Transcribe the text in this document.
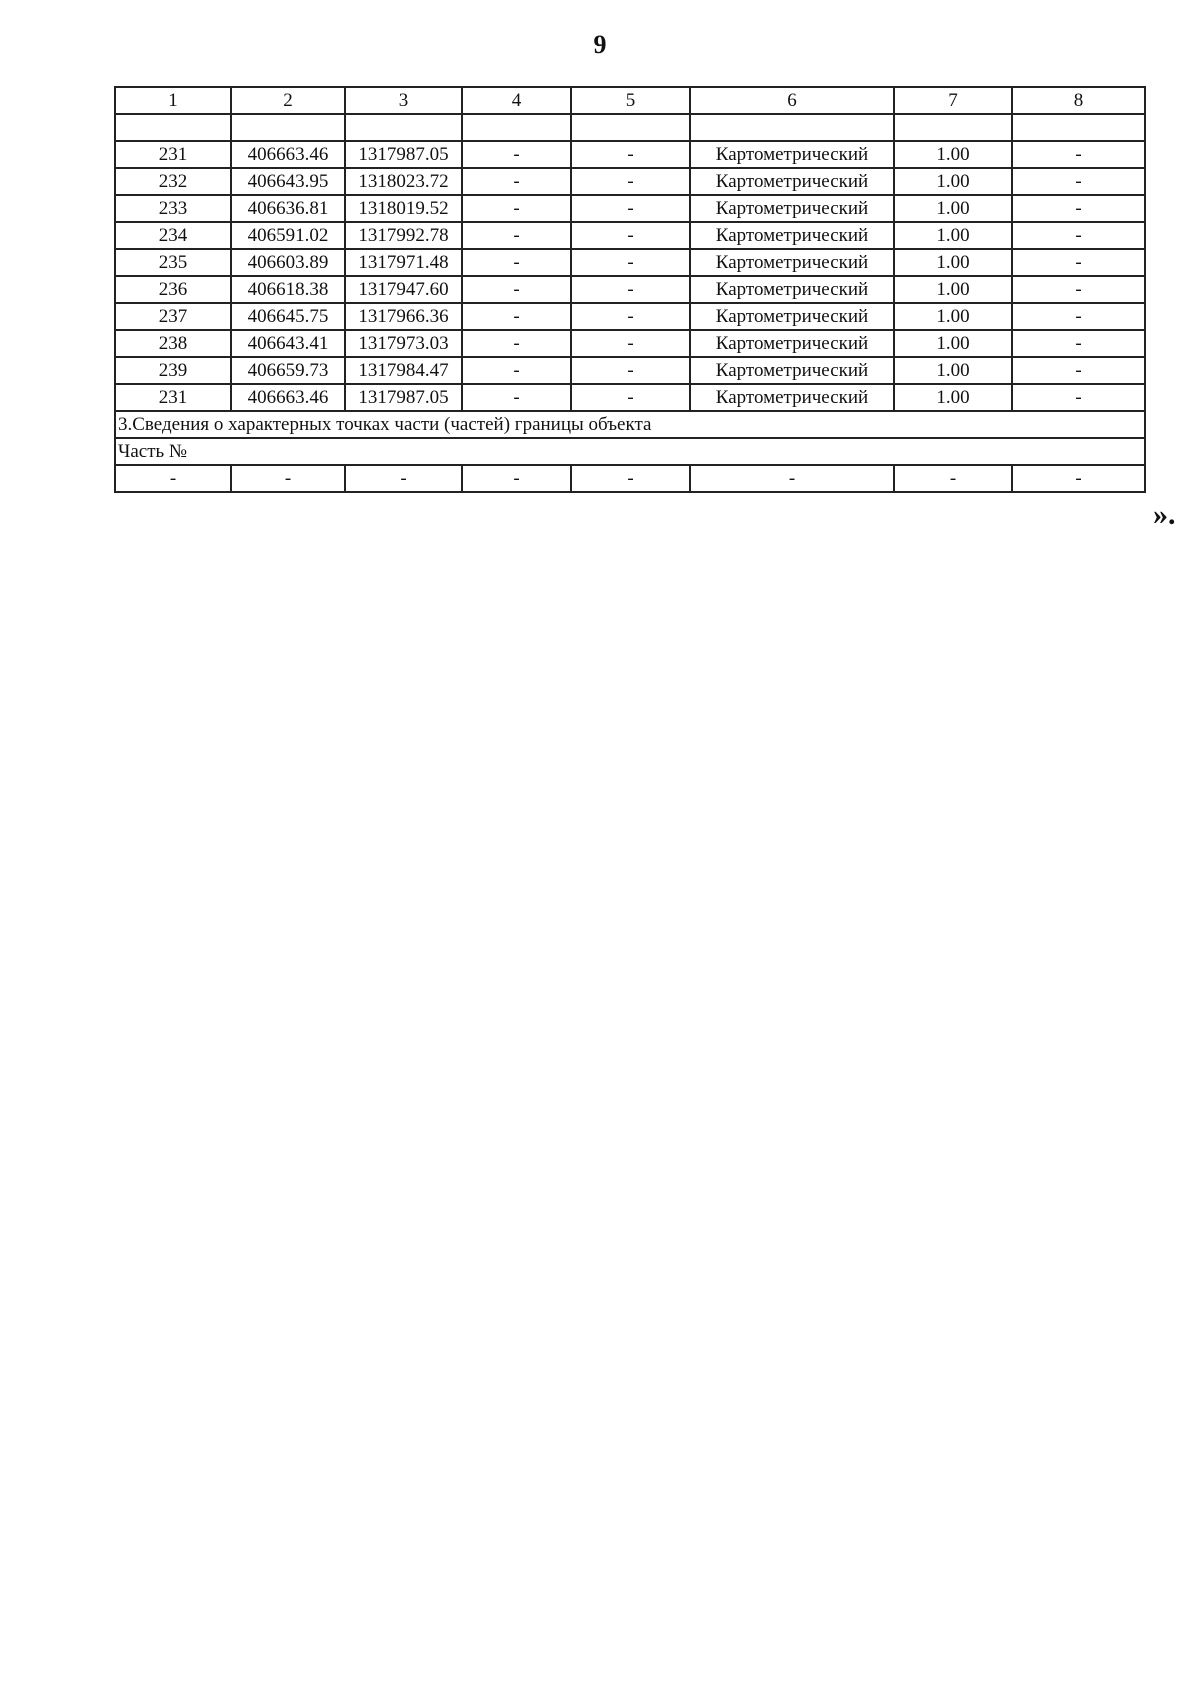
9
1	2	3	4	5	6	7	8

231	406663.46	1317987.05	-	-	Картометрический	1.00	-
232	406643.95	1318023.72	-	-	Картометрический	1.00	-
233	406636.81	1318019.52	-	-	Картометрический	1.00	-
234	406591.02	1317992.78	-	-	Картометрический	1.00	-
235	406603.89	1317971.48	-	-	Картометрический	1.00	-
236	406618.38	1317947.60	-	-	Картометрический	1.00	-
237	406645.75	1317966.36	-	-	Картометрический	1.00	-
238	406643.41	1317973.03	-	-	Картометрический	1.00	-
239	406659.73	1317984.47	-	-	Картометрический	1.00	-
231	406663.46	1317987.05	-	-	Картометрический	1.00	-
3.Сведения о характерных точках части (частей) границы объекта							
Часть №							
-	-	-	-	-	-	-	-
».
